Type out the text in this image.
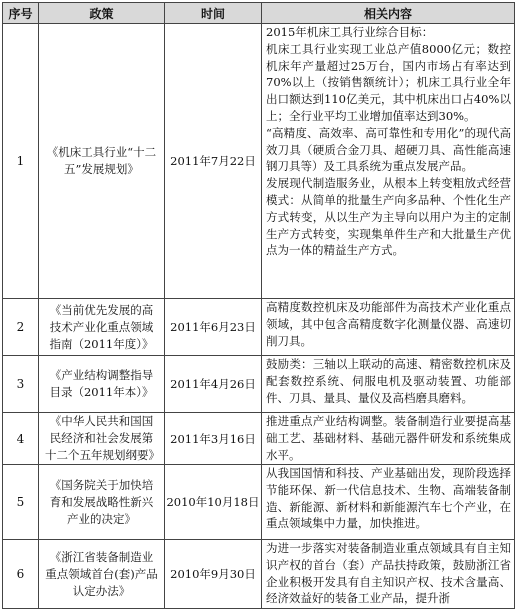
序号	政策	时间	相关内容
1	《机床工具行业“十二五”发展规划》	2011年7月22日	2015年机床工具行业综合目标：

机床工具行业实现工业总产值8000亿元；数控机床年产量超过25万台，国内市场占有率达到70%以上（按销售额统计）；机床工具行业全年出口额达到110亿美元，其中机床出口占40%以上；全行业平均工业增加值率达到30%。

“高精度、高效率、高可靠性和专用化”的现代高效刀具（硬质合金刀具、超硬刀具、高性能高速钢刀具等）及工具系统为重点发展产品。

发展现代制造服务业，从根本上转变粗放式经营模式：从简单的批量生产向多品种、个性化生产方式转变，从以生产为主导向以用户为主的定制生产方式转变，实现集单件生产和大批量生产优点为一体的精益生产方式。

2	《当前优先发展的高技术产业化重点领域指南（2011年度）》	2011年6月23日	高精度数控机床及功能部件为高技术产业化重点领域，其中包含高精度数字化测量仪器、高速切削刀具。

3	《产业结构调整指导目录（2011年本）》	2011年4月26日	鼓励类：三轴以上联动的高速、精密数控机床及配套数控系统、伺服电机及驱动装置、功能部件、刀具、量具、量仪及高档磨具磨料。

4	《中华人民共和国国民经济和社会发展第十二个五年规划纲要》	2011年3月16日	推进重点产业结构调整。装备制造行业要提高基础工艺、基础材料、基础元器件研发和系统集成水平。

5	《国务院关于加快培育和发展战略性新兴产业的决定》	2010年10月18日	从我国国情和科技、产业基础出发，现阶段选择节能环保、新一代信息技术、生物、高端装备制造、新能源、新材料和新能源汽车七个产业，在重点领域集中力量，加快推进。

6	《浙江省装备制造业重点领域首台(套)产品认定办法》	2010年9月30日	为进一步落实对装备制造业重点领域具有自主知识产权的首台（套）产品扶持政策，鼓励浙江省企业积极开发具有自主知识产权、技术含量高、经济效益好的装备工业产品，提升浙
